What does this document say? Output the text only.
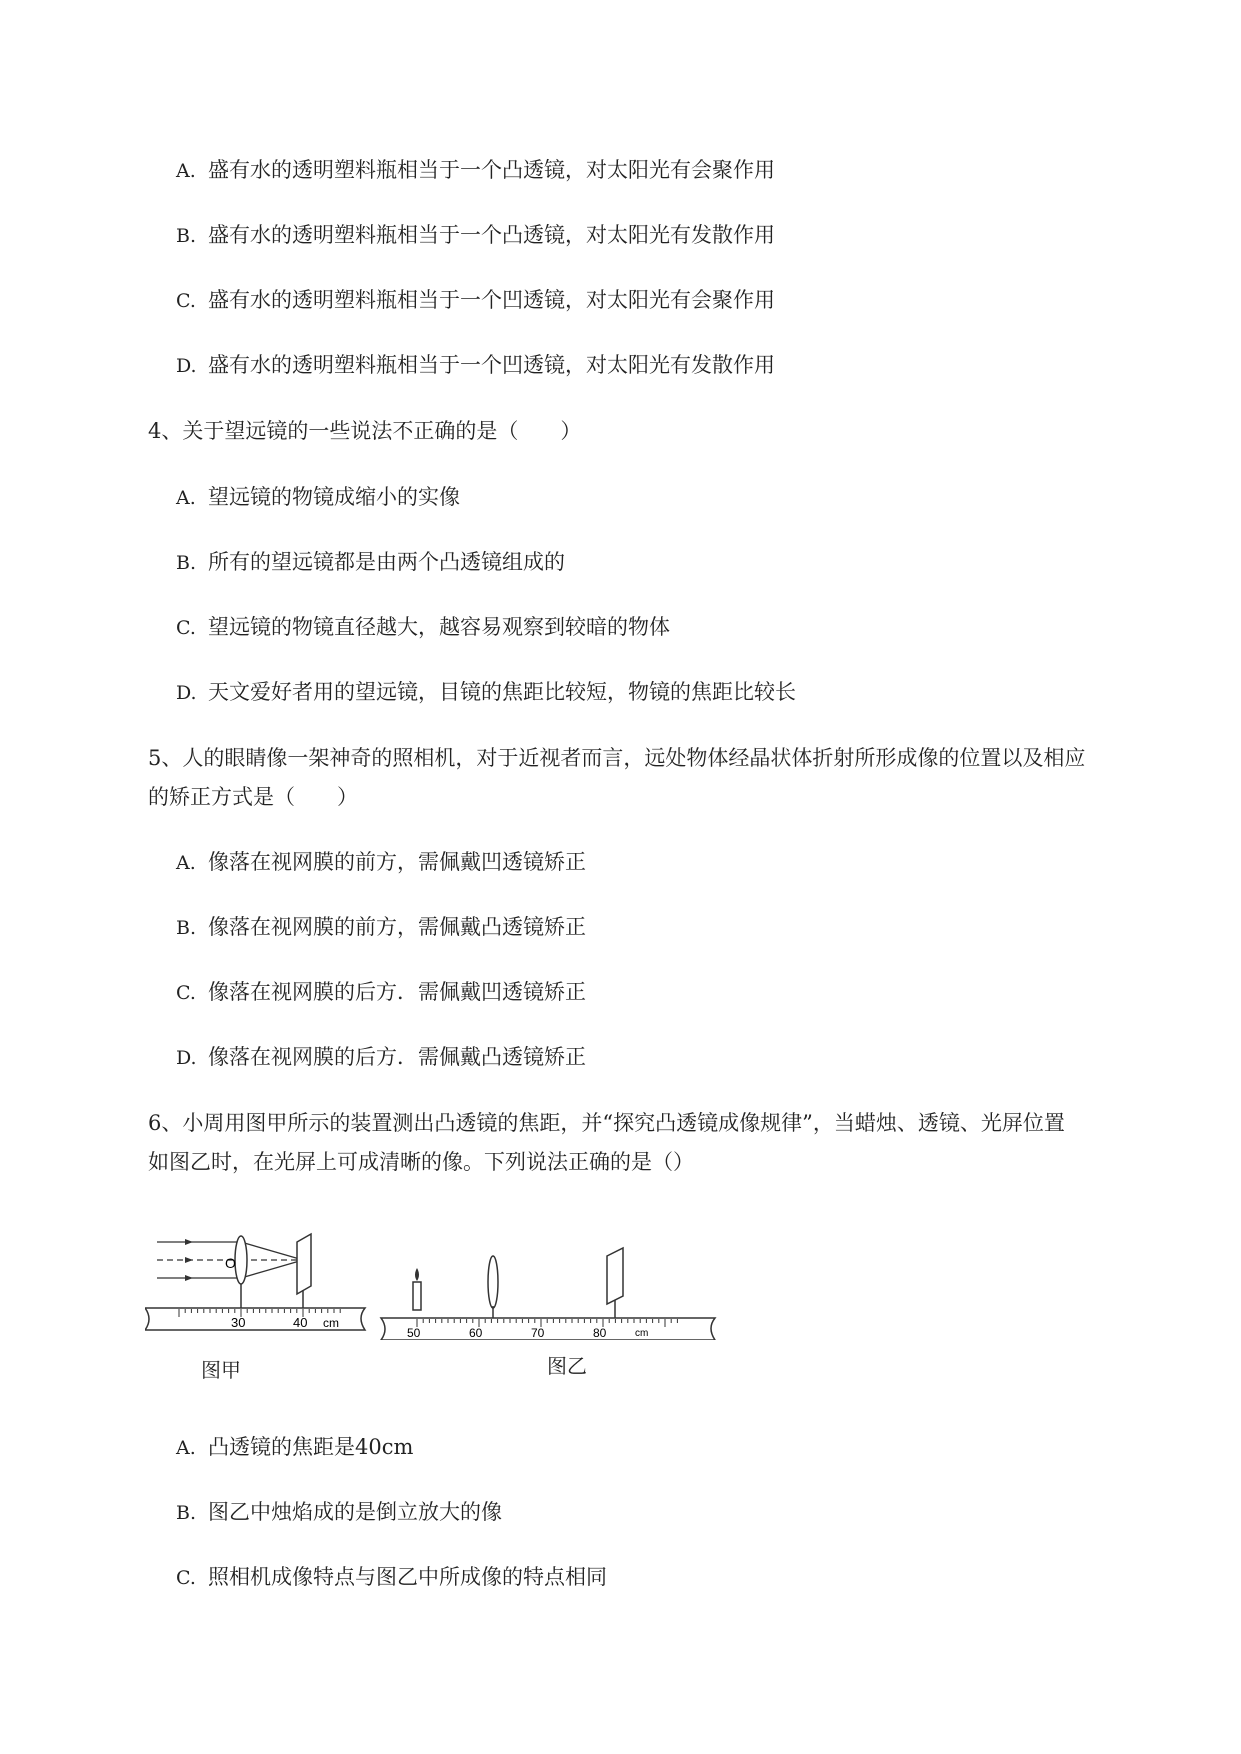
A. 盛有水的透明塑料瓶相当于一个凸透镜，对太阳光有会聚作用
B. 盛有水的透明塑料瓶相当于一个凸透镜，对太阳光有发散作用
C. 盛有水的透明塑料瓶相当于一个凹透镜，对太阳光有会聚作用
D. 盛有水的透明塑料瓶相当于一个凹透镜，对太阳光有发散作用
4、关于望远镜的一些说法不正确的是（　　）
A. 望远镜的物镜成缩小的实像
B. 所有的望远镜都是由两个凸透镜组成的
C. 望远镜的物镜直径越大，越容易观察到较暗的物体
D. 天文爱好者用的望远镜，目镜的焦距比较短，物镜的焦距比较长
5、人的眼睛像一架神奇的照相机，对于近视者而言，远处物体经晶状体折射所形成像的位置以及相应
的矫正方式是（　　）
A. 像落在视网膜的前方，需佩戴凹透镜矫正
B. 像落在视网膜的前方，需佩戴凸透镜矫正
C. 像落在视网膜的后方．需佩戴凹透镜矫正
D. 像落在视网膜的后方．需佩戴凸透镜矫正
6、小周用图甲所示的装置测出凸透镜的焦距，并“探究凸透镜成像规律”，当蜡烛、透镜、光屏位置
如图乙时，在光屏上可成清晰的像。下列说法正确的是（）
O
30	40 cm
50	60	70	80	cm
图甲	图乙
A. 凸透镜的焦距是40cm
B. 图乙中烛焰成的是倒立放大的像
C. 照相机成像特点与图乙中所成像的特点相同
